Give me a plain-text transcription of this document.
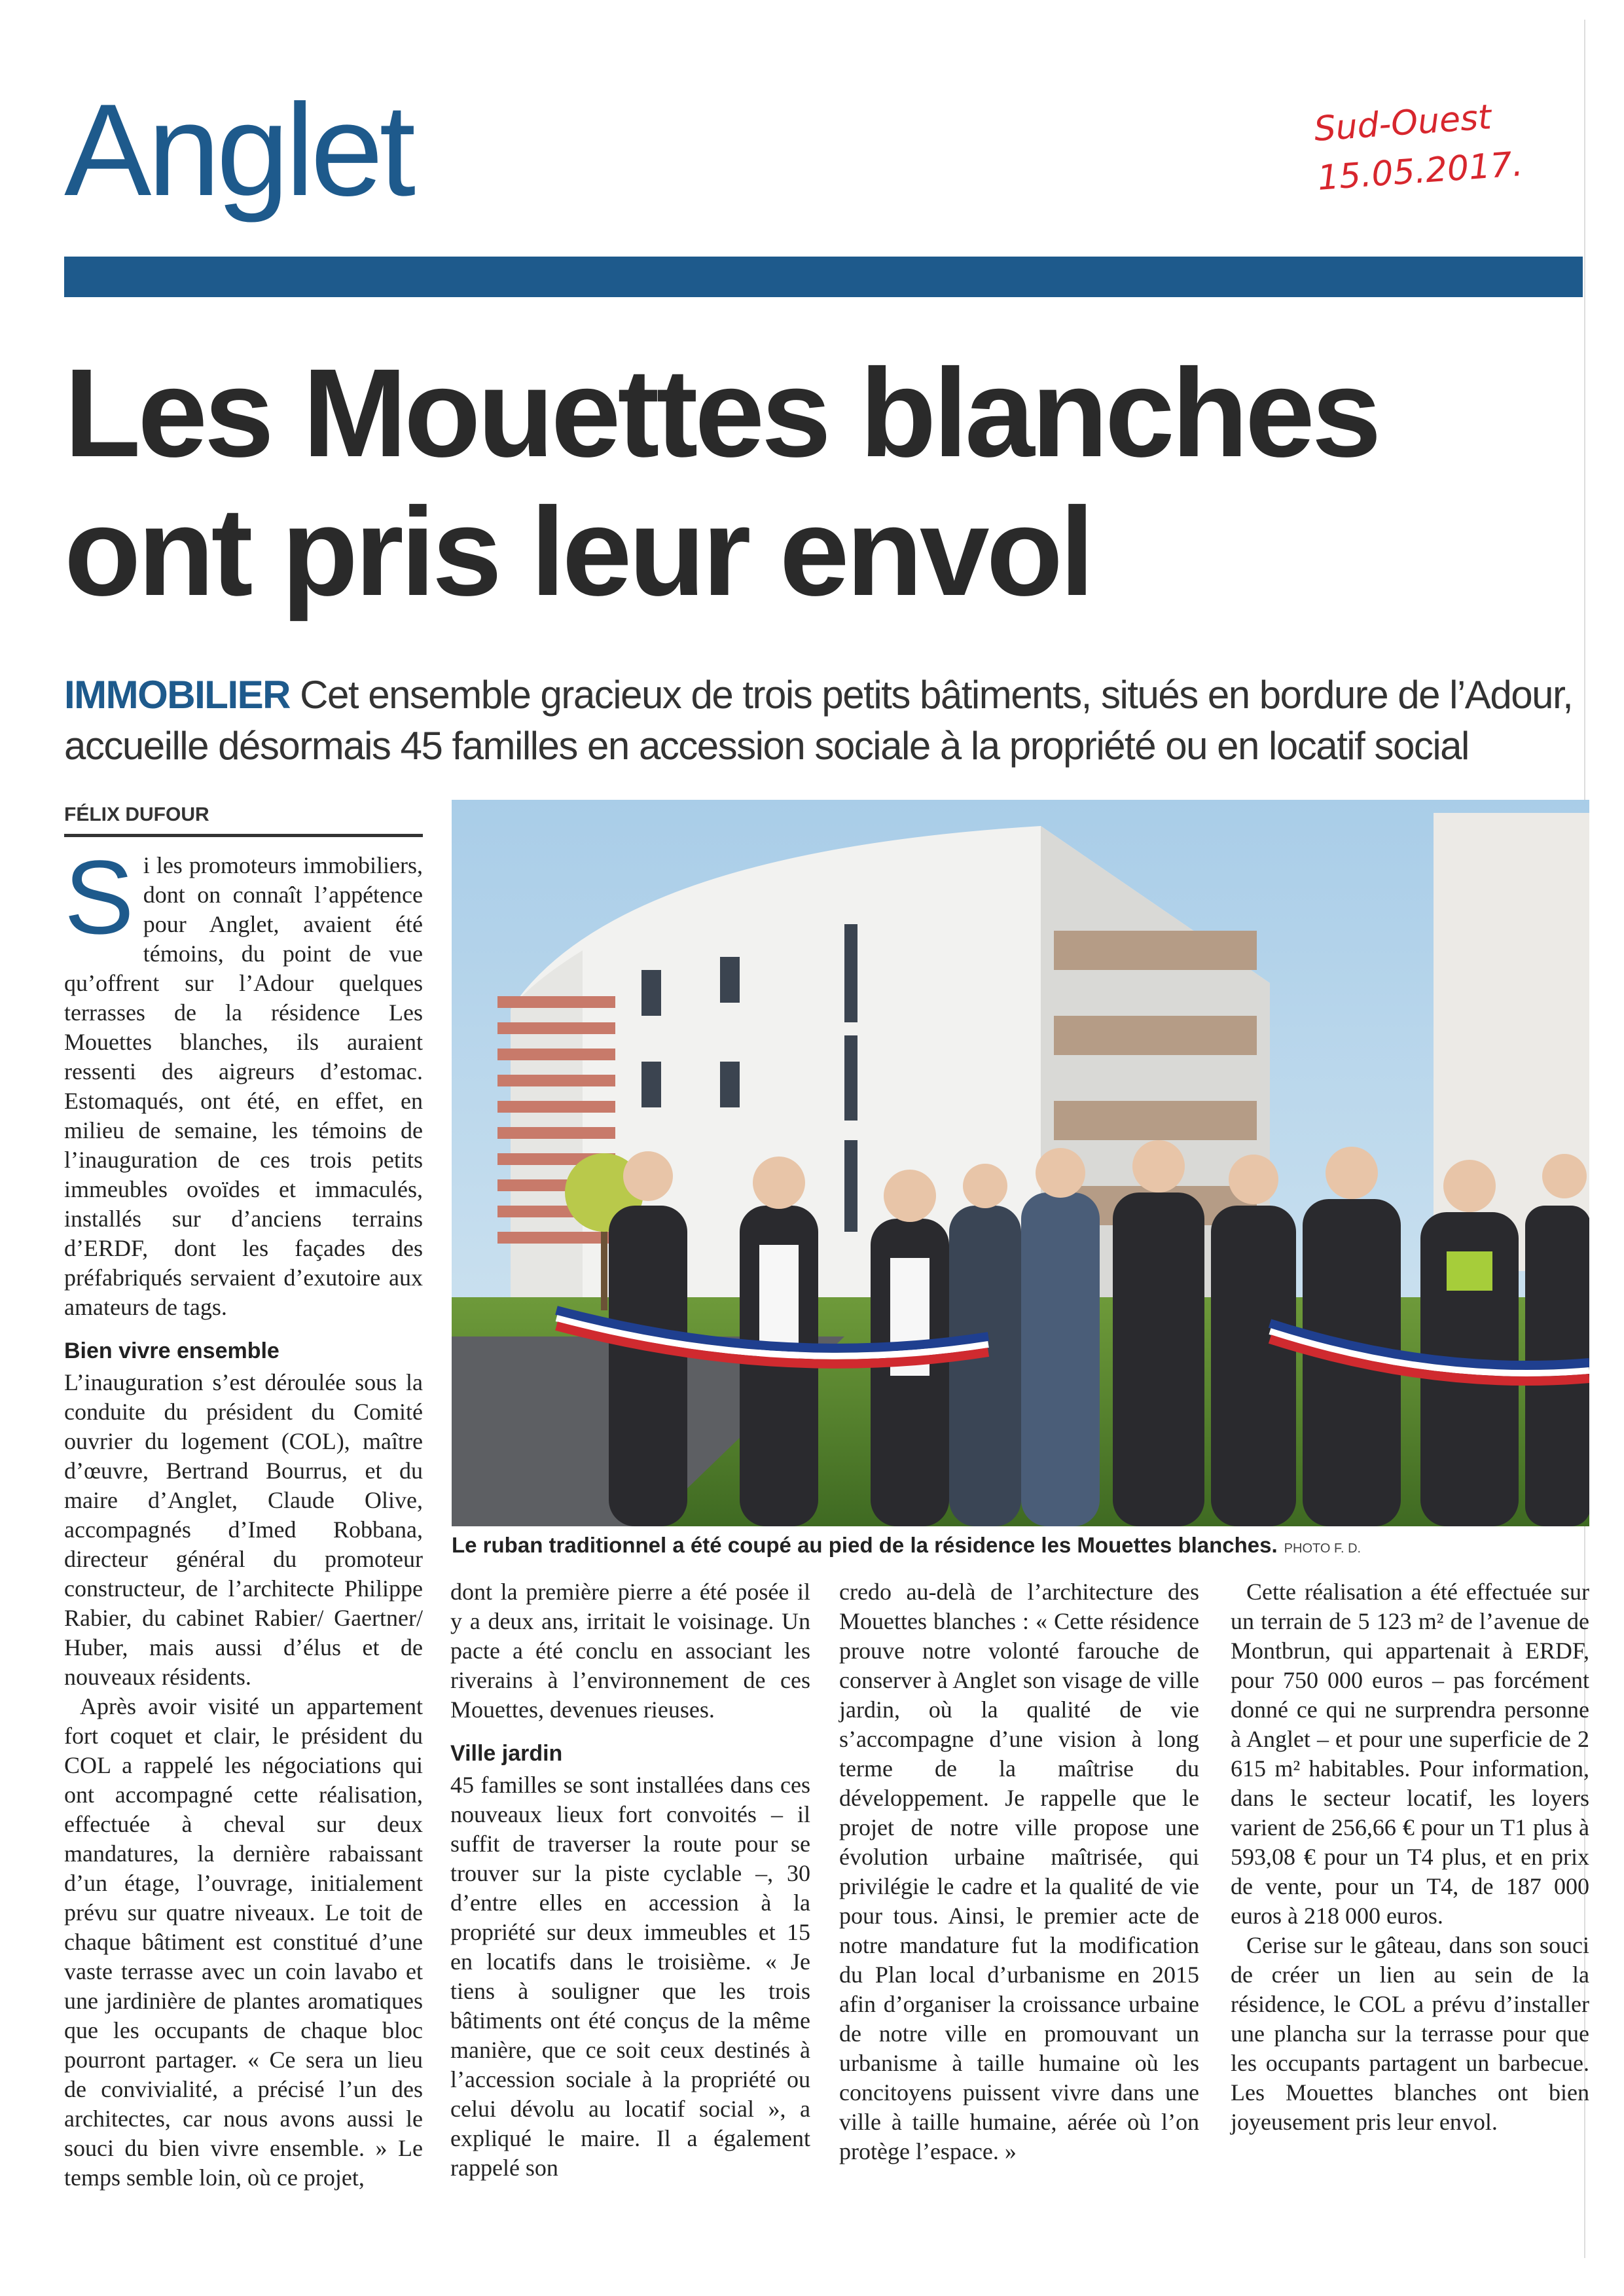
Anglet	Sud-Ouest
15.05.2017.
Les Mouettes blanches
ont pris leur envol
IMMOBILIER Cet ensemble gracieux de trois petits bâtiments, situés en bordure de l’Adour, accueille désormais 45 familles en accession sociale à la propriété ou en locatif social
FÉLIX DUFOUR

Si les promoteurs immobiliers, dont on connaît l’appétence pour Anglet, avaient été témoins, du point de vue qu’offrent sur l’Adour quelques terrasses de la résidence Les Mouettes blanches, ils auraient ressenti des aigreurs d’estomac. Estomaqués, ont été, en effet, en milieu de semaine, les témoins de l’inauguration de ces trois petits immeubles ovoïdes et immaculés, installés sur d’anciens terrains d’ERDF, dont les façades des préfabriqués servaient d’exutoire aux amateurs de tags.

Bien vivre ensemble

L’inauguration s’est déroulée sous la conduite du président du Comité ouvrier du logement (COL), maître d’œuvre, Bertrand Bourrus, et du maire d’Anglet, Claude Olive, accompagnés d’Imed Robbana, directeur général du promoteur constructeur, de l’architecte Philippe Rabier, du cabinet Rabier/ Gaertner/ Huber, mais aussi d’élus et de nouveaux résidents.

Après avoir visité un appartement fort coquet et clair, le président du COL a rappelé les négociations qui ont accompagné cette réalisation, effectuée à cheval sur deux mandatures, la dernière rabaissant d’un étage, l’ouvrage, initialement prévu sur quatre niveaux. Le toit de chaque bâtiment est constitué d’une vaste terrasse avec un coin lavabo et une jardinière de plantes aromatiques que les occupants de chaque bloc pourront partager. « Ce sera un lieu de convivialité, a précisé l’un des architectes, car nous avons aussi le souci du bien vivre ensemble. » Le temps semble loin, où ce projet,

Le ruban traditionnel a été coupé au pied de la résidence les Mouettes blanches. PHOTO F. D.

dont la première pierre a été posée il y a deux ans, irritait le voisinage. Un pacte a été conclu en associant les riverains à l’environnement de ces Mouettes, devenues rieuses.

Ville jardin

45 familles se sont installées dans ces nouveaux lieux fort convoités – il suffit de traverser la route pour se trouver sur la piste cyclable –, 30 d’entre elles en accession à la propriété sur deux immeubles et 15 en locatifs dans le troisième. « Je tiens à souligner que les trois bâtiments ont été conçus de la même manière, que ce soit ceux destinés à l’accession sociale à la propriété ou celui dévolu au locatif social », a expliqué le maire. Il a également rappelé son

credo au-delà de l’architecture des Mouettes blanches : « Cette résidence prouve notre volonté farouche de conserver à Anglet son visage de ville jardin, où la qualité de vie s’accompagne d’une vision à long terme de la maîtrise du développement. Je rappelle que le projet de notre ville propose une évolution urbaine maîtrisée, qui privilégie le cadre et la qualité de vie pour tous. Ainsi, le premier acte de notre mandature fut la modification du Plan local d’urbanisme en 2015 afin d’organiser la croissance urbaine de notre ville en promouvant un urbanisme à taille humaine où les concitoyens puissent vivre dans une ville à taille humaine, aérée où l’on protège l’espace. »

Cette réalisation a été effectuée sur un terrain de 5 123 m² de l’avenue de Montbrun, qui appartenait à ERDF, pour 750 000 euros – pas forcément donné ce qui ne surprendra personne à Anglet – et pour une superficie de 2 615 m² habitables. Pour information, dans le secteur locatif, les loyers varient de 256,66 € pour un T1 plus à 593,08 € pour un T4 plus, et en prix de vente, pour un T4, de 187 000 euros à 218 000 euros.

Cerise sur le gâteau, dans son souci de créer un lien au sein de la résidence, le COL a prévu d’installer une plancha sur la terrasse pour que les occupants partagent un barbecue. Les Mouettes blanches ont bien joyeusement pris leur envol.
